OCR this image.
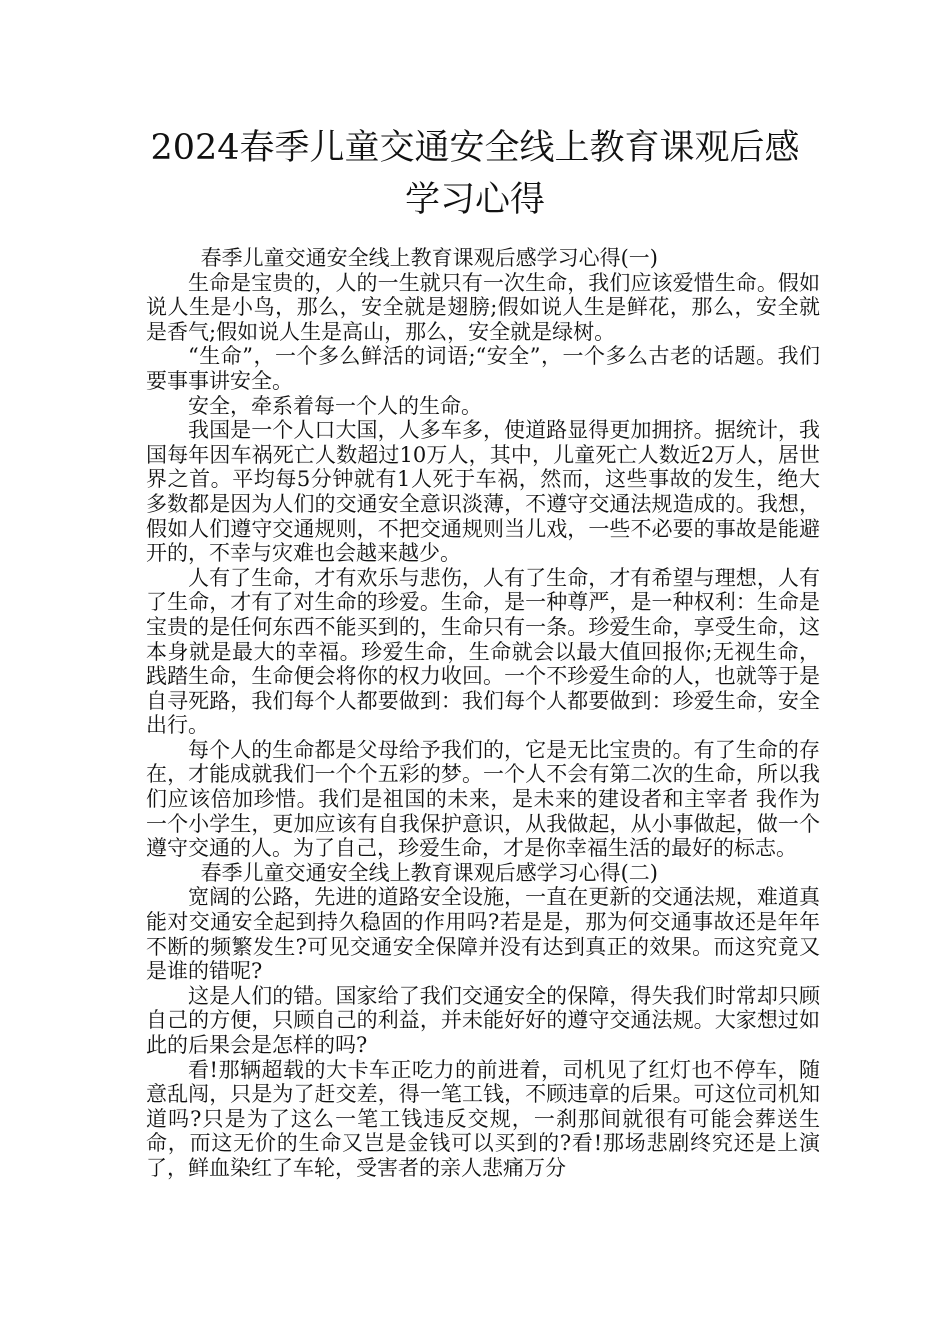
2024春季儿童交通安全线上教育课观后感
学习心得

春季儿童交通安全线上教育课观后感学习心得(一)

生命是宝贵的，人的一生就只有一次生命，我们应该爱惜生命。假如说人生是小鸟，那么，安全就是翅膀;假如说人生是鲜花，那么，安全就是香气;假如说人生是高山，那么，安全就是绿树。

“生命”，一个多么鲜活的词语;“安全”，一个多么古老的话题。我们要事事讲安全。

安全，牵系着每一个人的生命。

我国是一个人口大国，人多车多，使道路显得更加拥挤。据统计，我国每年因车祸死亡人数超过10万人，其中，儿童死亡人数近2万人，居世界之首。平均每5分钟就有1人死于车祸，然而，这些事故的发生，绝大多数都是因为人们的交通安全意识淡薄，不遵守交通法规造成的。我想，假如人们遵守交通规则，不把交通规则当儿戏，一些不必要的事故是能避开的，不幸与灾难也会越来越少。

人有了生命，才有欢乐与悲伤，人有了生命，才有希望与理想，人有了生命，才有了对生命的珍爱。生命，是一种尊严，是一种权利：生命是宝贵的是任何东西不能买到的，生命只有一条。珍爱生命，享受生命，这本身就是最大的幸福。珍爱生命，生命就会以最大值回报你;无视生命，践踏生命，生命便会将你的权力收回。一个不珍爱生命的人，也就等于是自寻死路，我们每个人都要做到：我们每个人都要做到：珍爱生命，安全出行。

每个人的生命都是父母给予我们的，它是无比宝贵的。有了生命的存在，才能成就我们一个个五彩的梦。一个人不会有第二次的生命，所以我们应该倍加珍惜。我们是祖国的未来，是未来的建设者和主宰者 我作为一个小学生，更加应该有自我保护意识，从我做起，从小事做起，做一个遵守交通的人。为了自己，珍爱生命，才是你幸福生活的最好的标志。

春季儿童交通安全线上教育课观后感学习心得(二)

宽阔的公路，先进的道路安全设施，一直在更新的交通法规，难道真能对交通安全起到持久稳固的作用吗?若是是，那为何交通事故还是年年不断的频繁发生?可见交通安全保障并没有达到真正的效果。而这究竟又是谁的错呢?

这是人们的错。国家给了我们交通安全的保障，得失我们时常却只顾自己的方便，只顾自己的利益，并未能好好的遵守交通法规。大家想过如此的后果会是怎样的吗?

看!那辆超载的大卡车正吃力的前进着，司机见了红灯也不停车，随意乱闯，只是为了赶交差，得一笔工钱，不顾违章的后果。可这位司机知道吗?只是为了这么一笔工钱违反交规，一刹那间就很有可能会葬送生命，而这无价的生命又岂是金钱可以买到的?看!那场悲剧终究还是上演了，鲜血染红了车轮，受害者的亲人悲痛万分
